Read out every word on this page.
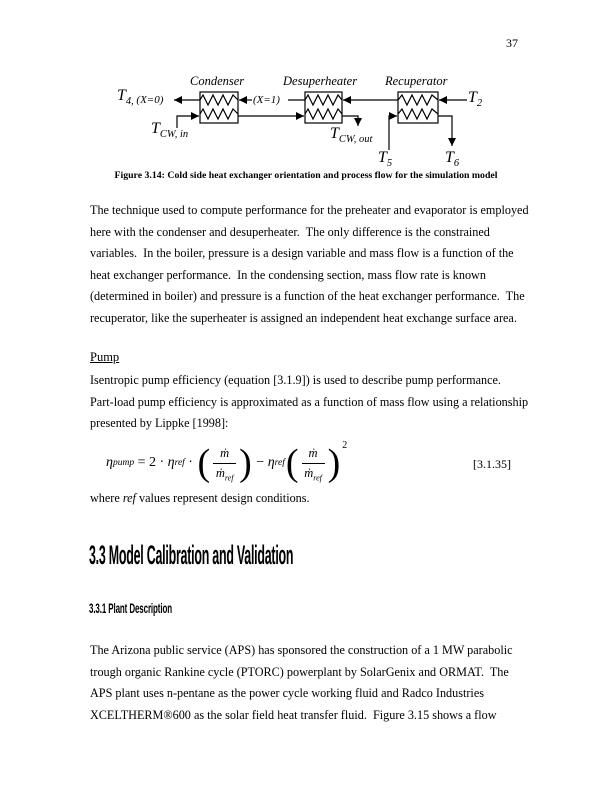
37
Condenser	Desuperheater Recuperator
$T_{4,}$ (X=0)	(X=1)	$T_2$
$T_{CW, in}$	$T_{CW, out}$
$T_5$	$T_6$
Figure 3.14: Cold side heat exchanger orientation and process flow for the simulation model
The technique used to compute performance for the preheater and evaporator is employed
here with the condenser and desuperheater.  The only difference is the constrained
variables.  In the boiler, pressure is a design variable and mass flow is a function of the
heat exchanger performance.  In the condensing section, mass flow rate is known
(determined in boiler) and pressure is a function of the heat exchanger performance.  The
recuperator, like the superheater is assigned an independent heat exchange surface area.
Pump
Isentropic pump efficiency (equation [3.1.9]) is used to describe pump performance.
Part-load pump efficiency is approximated as a function of mass flow using a relationship
presented by Lippke [1998]:
η pump = 2 · η ref · ( $\frac{\text{ṁ}}{ṁ_{ref}}$ ) − η ref ( $\frac{\text{ṁ}}{ṁ_{ref}}$ ) 2
[3.1.35]
where ref values represent design conditions.
3.3 Model Calibration and Validation
3.3.1 Plant Description
The Arizona public service (APS) has sponsored the construction of a 1 MW parabolic
trough organic Rankine cycle (PTORC) powerplant by SolarGenix and ORMAT.  The
APS plant uses n-pentane as the power cycle working fluid and Radco Industries
XCELTHERM®600 as the solar field heat transfer fluid.  Figure 3.15 shows a flow
